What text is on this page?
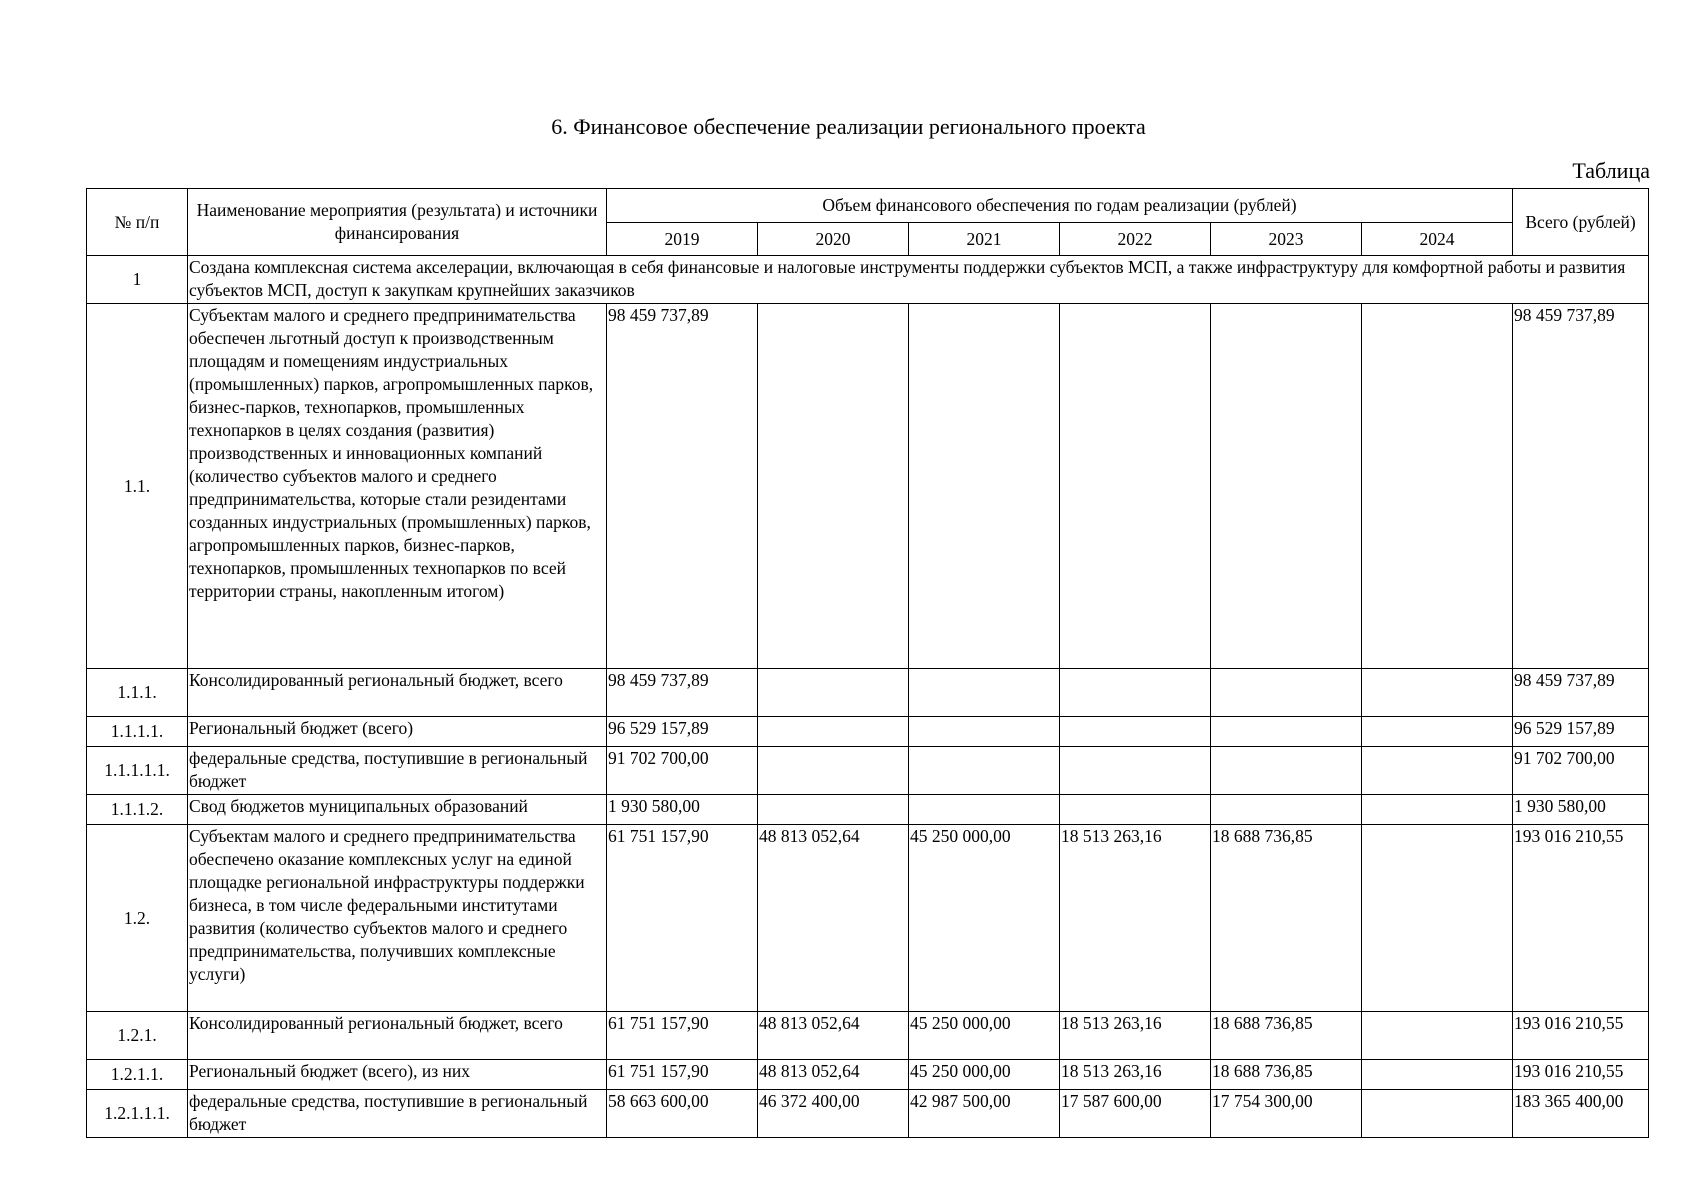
6. Финансовое обеспечение реализации регионального проекта
Таблица
№ п/п	Наименование мероприятия (результата) и источники финансирования	Объем финансового обеспечения по годам реализации (рублей)						Всего (рублей)
		2019	2020	2021	2022	2023	2024	
1	Создана комплексная система акселерации, включающая в себя финансовые и налоговые инструменты поддержки субъектов МСП, а также инфраструктуру для комфортной работы и развития субъектов МСП, доступ к закупкам крупнейших заказчиков							
1.1.	Субъектам малого и среднего предпринимательства обеспечен льготный доступ к производственным площадям и помещениям индустриальных (промышленных) парков, агропромышленных парков, бизнес-парков, технопарков, промышленных технопарков в целях создания (развития) производственных и инновационных компаний (количество субъектов малого и среднего предпринимательства, которые стали резидентами созданных индустриальных (промышленных) парков, агропромышленных парков, бизнес-парков, технопарков, промышленных технопарков по всей территории страны, накопленным итогом)	98 459 737,89						98 459 737,89
1.1.1.	Консолидированный региональный бюджет, всего	98 459 737,89						98 459 737,89
1.1.1.1.	Региональный бюджет (всего)	96 529 157,89						96 529 157,89
1.1.1.1.1.	федеральные средства, поступившие в региональный бюджет	91 702 700,00						91 702 700,00
1.1.1.2.	Свод бюджетов муниципальных образований	1 930 580,00						1 930 580,00
1.2.	Субъектам малого и среднего предпринимательства обеспечено оказание комплексных услуг на единой площадке региональной инфраструктуры поддержки бизнеса, в том числе федеральными институтами развития (количество субъектов малого и среднего предпринимательства, получивших комплексные услуги)	61 751 157,90	48 813 052,64	45 250 000,00	18 513 263,16	18 688 736,85		193 016 210,55
1.2.1.	Консолидированный региональный бюджет, всего	61 751 157,90	48 813 052,64	45 250 000,00	18 513 263,16	18 688 736,85		193 016 210,55
1.2.1.1.	Региональный бюджет (всего), из них	61 751 157,90	48 813 052,64	45 250 000,00	18 513 263,16	18 688 736,85		193 016 210,55
1.2.1.1.1.	федеральные средства, поступившие в региональный бюджет	58 663 600,00	46 372 400,00	42 987 500,00	17 587 600,00	17 754 300,00		183 365 400,00
